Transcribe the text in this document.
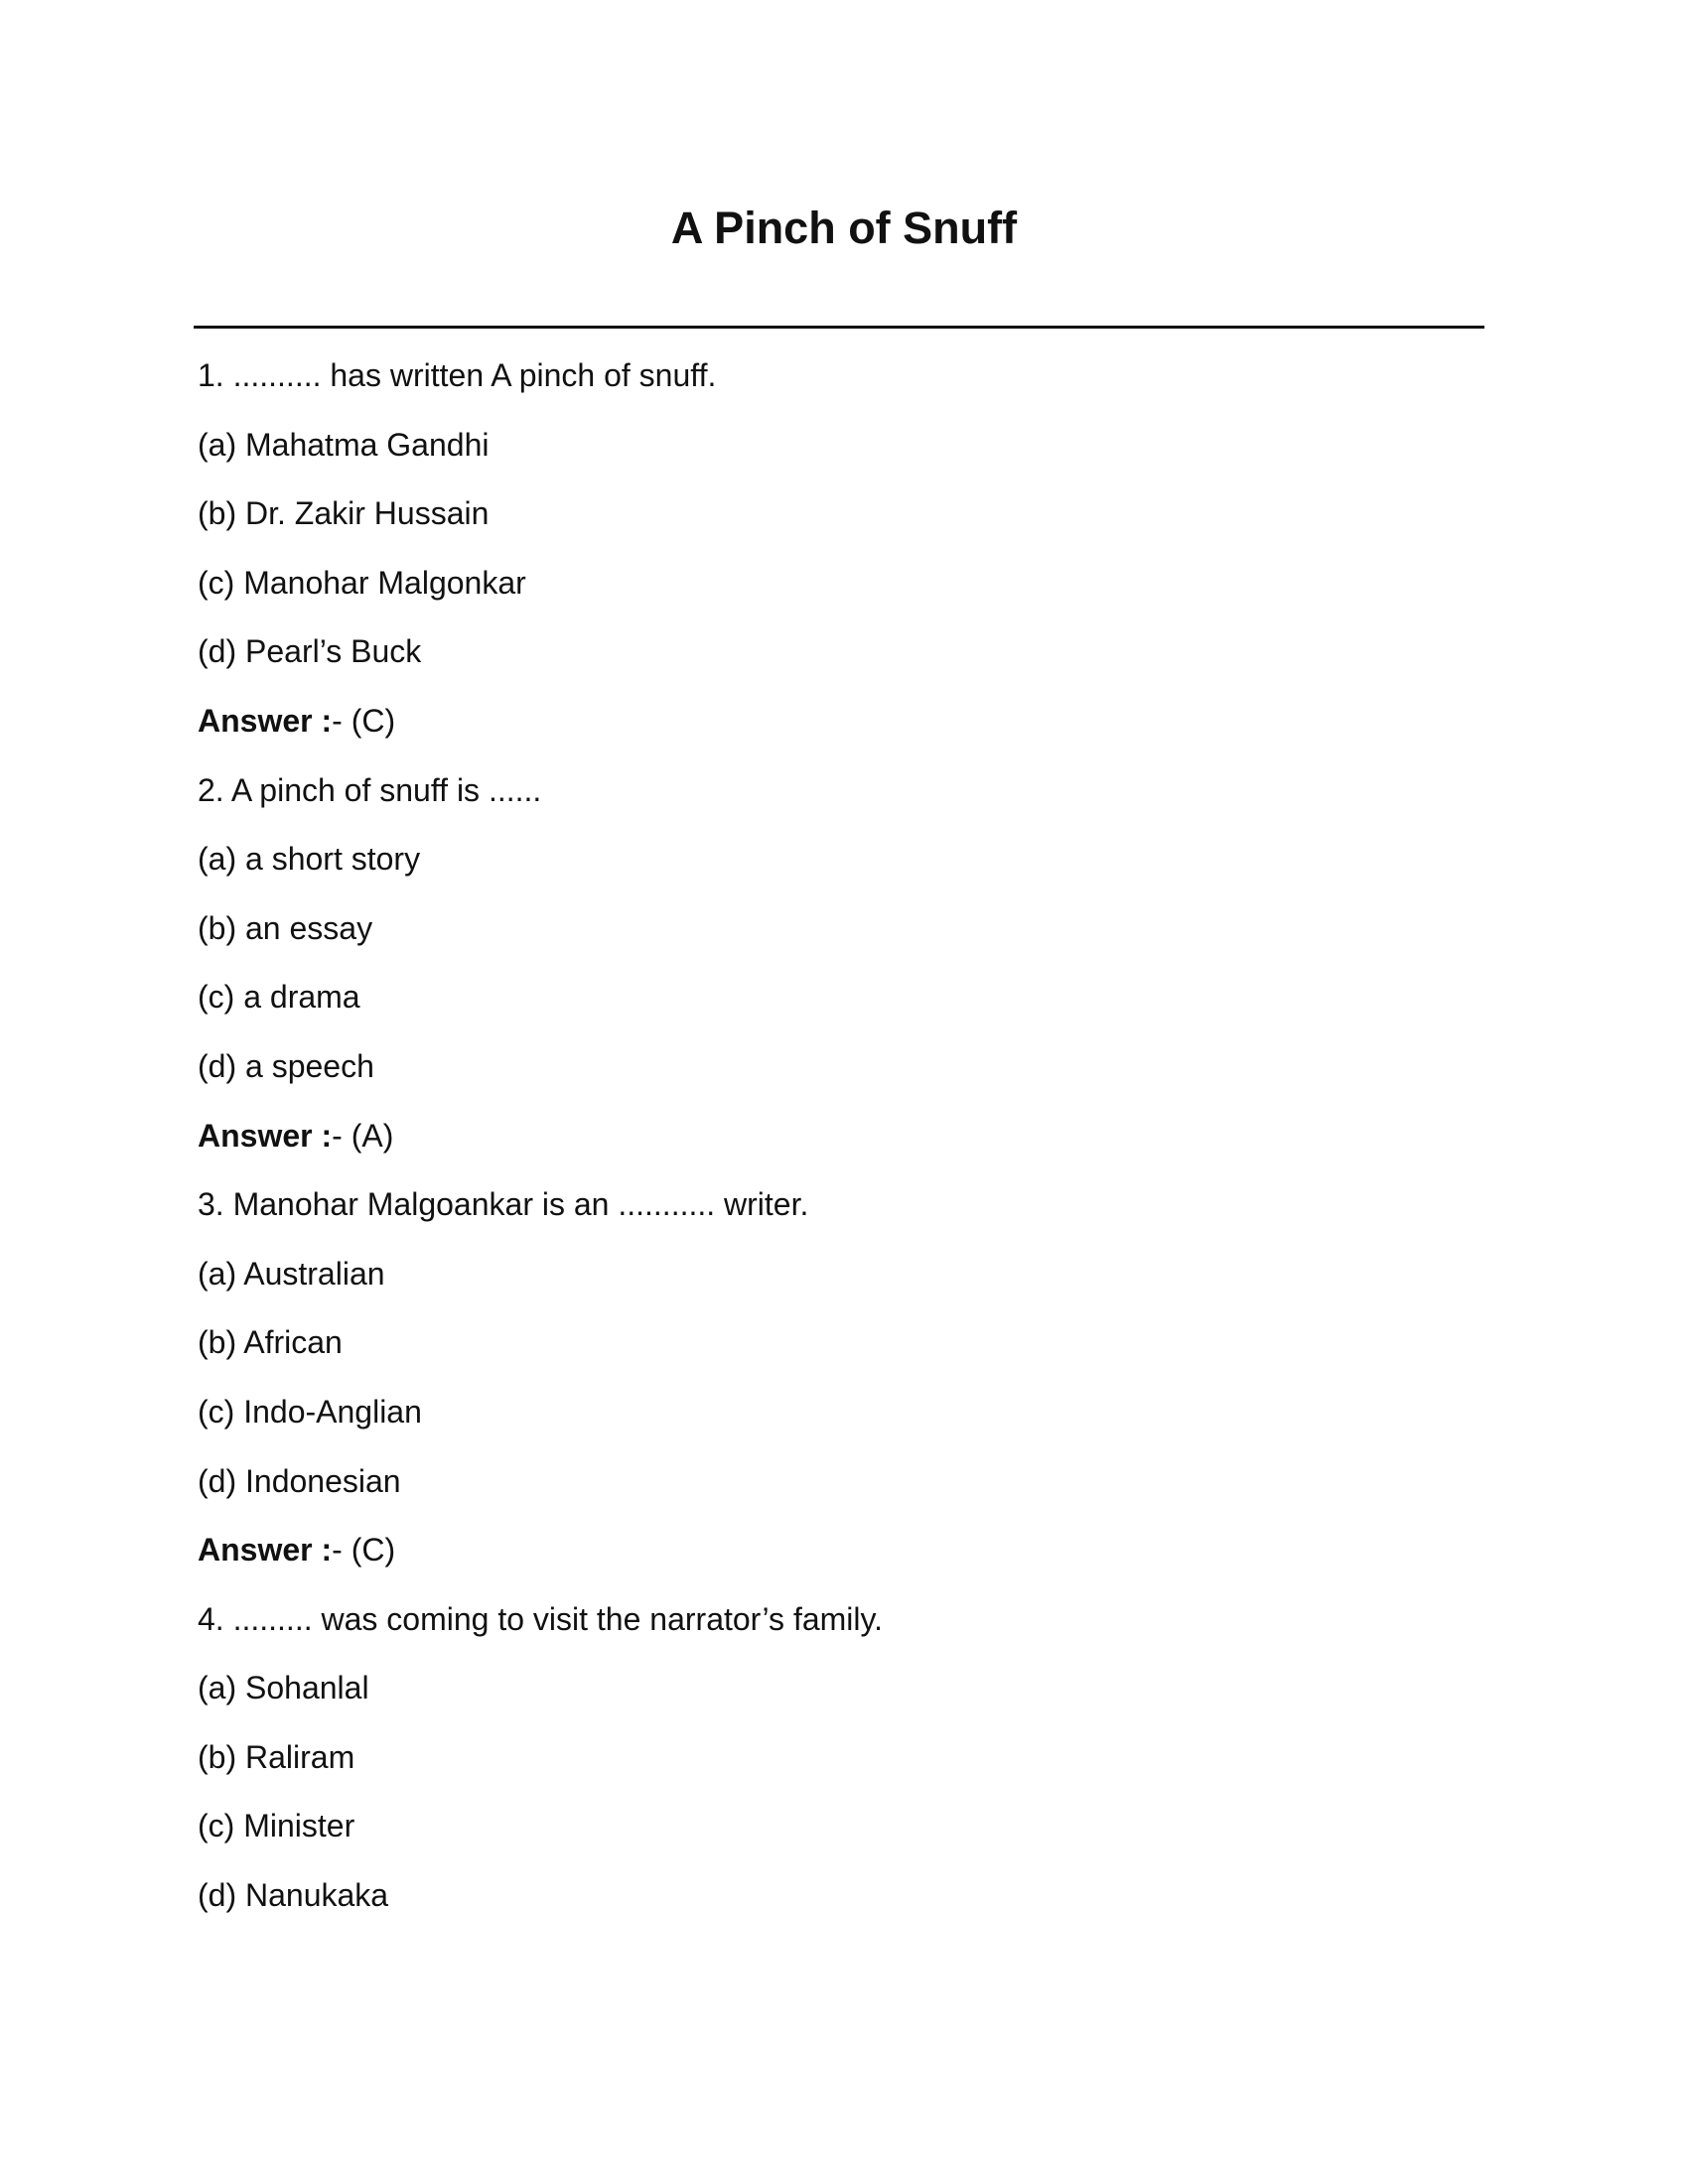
A Pinch of Snuff
1. .......... has written A pinch of snuff.
(a) Mahatma Gandhi
(b) Dr. Zakir Hussain
(c) Manohar Malgonkar
(d) Pearl’s Buck
Answer :- (C)
2. A pinch of snuff is ......
(a) a short story
(b) an essay
(c) a drama
(d) a speech
Answer :- (A)
3. Manohar Malgoankar is an ........... writer.
(a) Australian
(b) African
(c) Indo-Anglian
(d) Indonesian
Answer :- (C)
4. ......... was coming to visit the narrator’s family.
(a) Sohanlal
(b) Raliram
(c) Minister
(d) Nanukaka
